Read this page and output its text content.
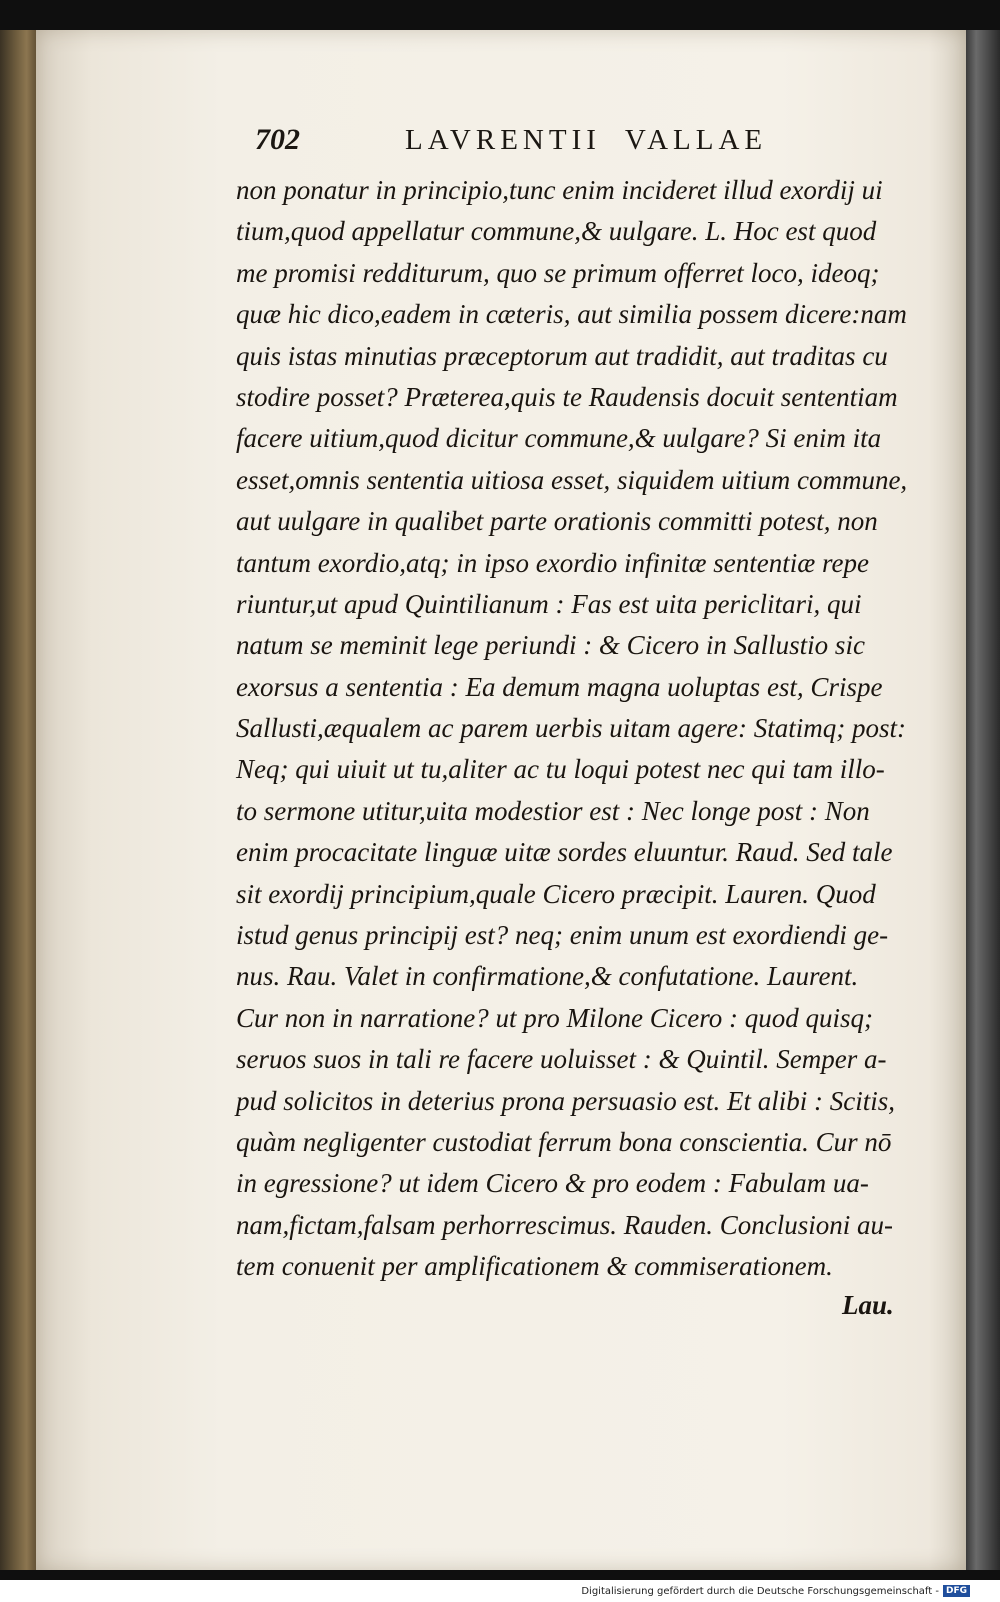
702	LAVRENTII  VALLAE
non ponatur in principio,tunc enim incideret illud exordij ui
tium,quod appellatur commune,& uulgare. L. Hoc est quod
me promisi redditurum, quo se primum offerret loco, ideoq;
quæ hic dico,eadem in cæteris, aut similia possem dicere:nam
quis istas minutias præceptorum aut tradidit, aut traditas cu
stodire posset? Præterea,quis te Raudensis docuit sententiam
facere uitium,quod dicitur commune,& uulgare? Si enim ita
esset,omnis sententia uitiosa esset, siquidem uitium commune,
aut uulgare in qualibet parte orationis committi potest, non
tantum exordio,atq; in ipso exordio infinitæ sententiæ repe
riuntur,ut apud Quintilianum : Fas est uita periclitari, qui
natum se meminit lege periundi : & Cicero in Sallustio sic
exorsus a sententia : Ea demum magna uoluptas est, Crispe
Sallusti,æqualem ac parem uerbis uitam agere: Statimq; post:
Neq; qui uiuit ut tu,aliter ac tu loqui potest nec qui tam illo-
to sermone utitur,uita modestior est : Nec longe post : Non
enim procacitate linguæ uitæ sordes eluuntur. Raud. Sed tale
sit exordij principium,quale Cicero præcipit. Lauren. Quod
istud genus principij est? neq; enim unum est exordiendi ge-
nus. Rau. Valet in confirmatione,& confutatione. Laurent.
Cur non in narratione? ut pro Milone Cicero : quod quisq;
seruos suos in tali re facere uoluisset : & Quintil. Semper a-
pud solicitos in deterius prona persuasio est. Et alibi : Scitis,
quàm negligenter custodiat ferrum bona conscientia. Cur nō
in egressione? ut idem Cicero & pro eodem : Fabulam ua-
nam,fictam,falsam perhorrescimus. Rauden. Conclusioni au-
tem conuenit per amplificationem & commiserationem.
Lau.
Digitalisierung gefördert durch die Deutsche Forschungsgemeinschaft - DFG
